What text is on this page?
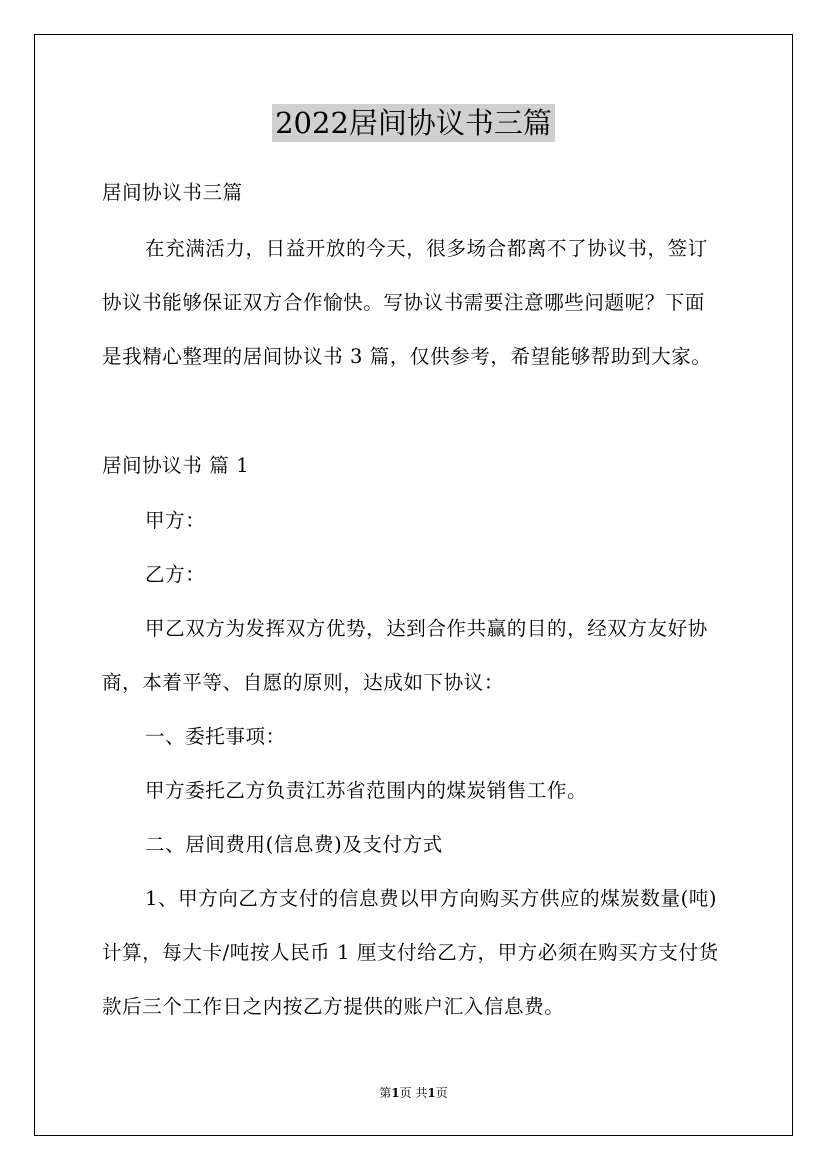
2022居间协议书三篇
居间协议书三篇
在充满活力，日益开放的今天，很多场合都离不了协议书，签订
协议书能够保证双方合作愉快。写协议书需要注意哪些问题呢？下面
是我精心整理的居间协议书 3 篇，仅供参考，希望能够帮助到大家。
居间协议书 篇 1
甲方：
乙方：
甲乙双方为发挥双方优势，达到合作共赢的目的，经双方友好协
商，本着平等、自愿的原则，达成如下协议：
一、委托事项：
甲方委托乙方负责江苏省范围内的煤炭销售工作。
二、居间费用(信息费)及支付方式
1、甲方向乙方支付的信息费以甲方向购买方供应的煤炭数量(吨)
计算，每大卡/吨按人民币 1 厘支付给乙方，甲方必须在购买方支付货
款后三个工作日之内按乙方提供的账户汇入信息费。
第1页 共1页
